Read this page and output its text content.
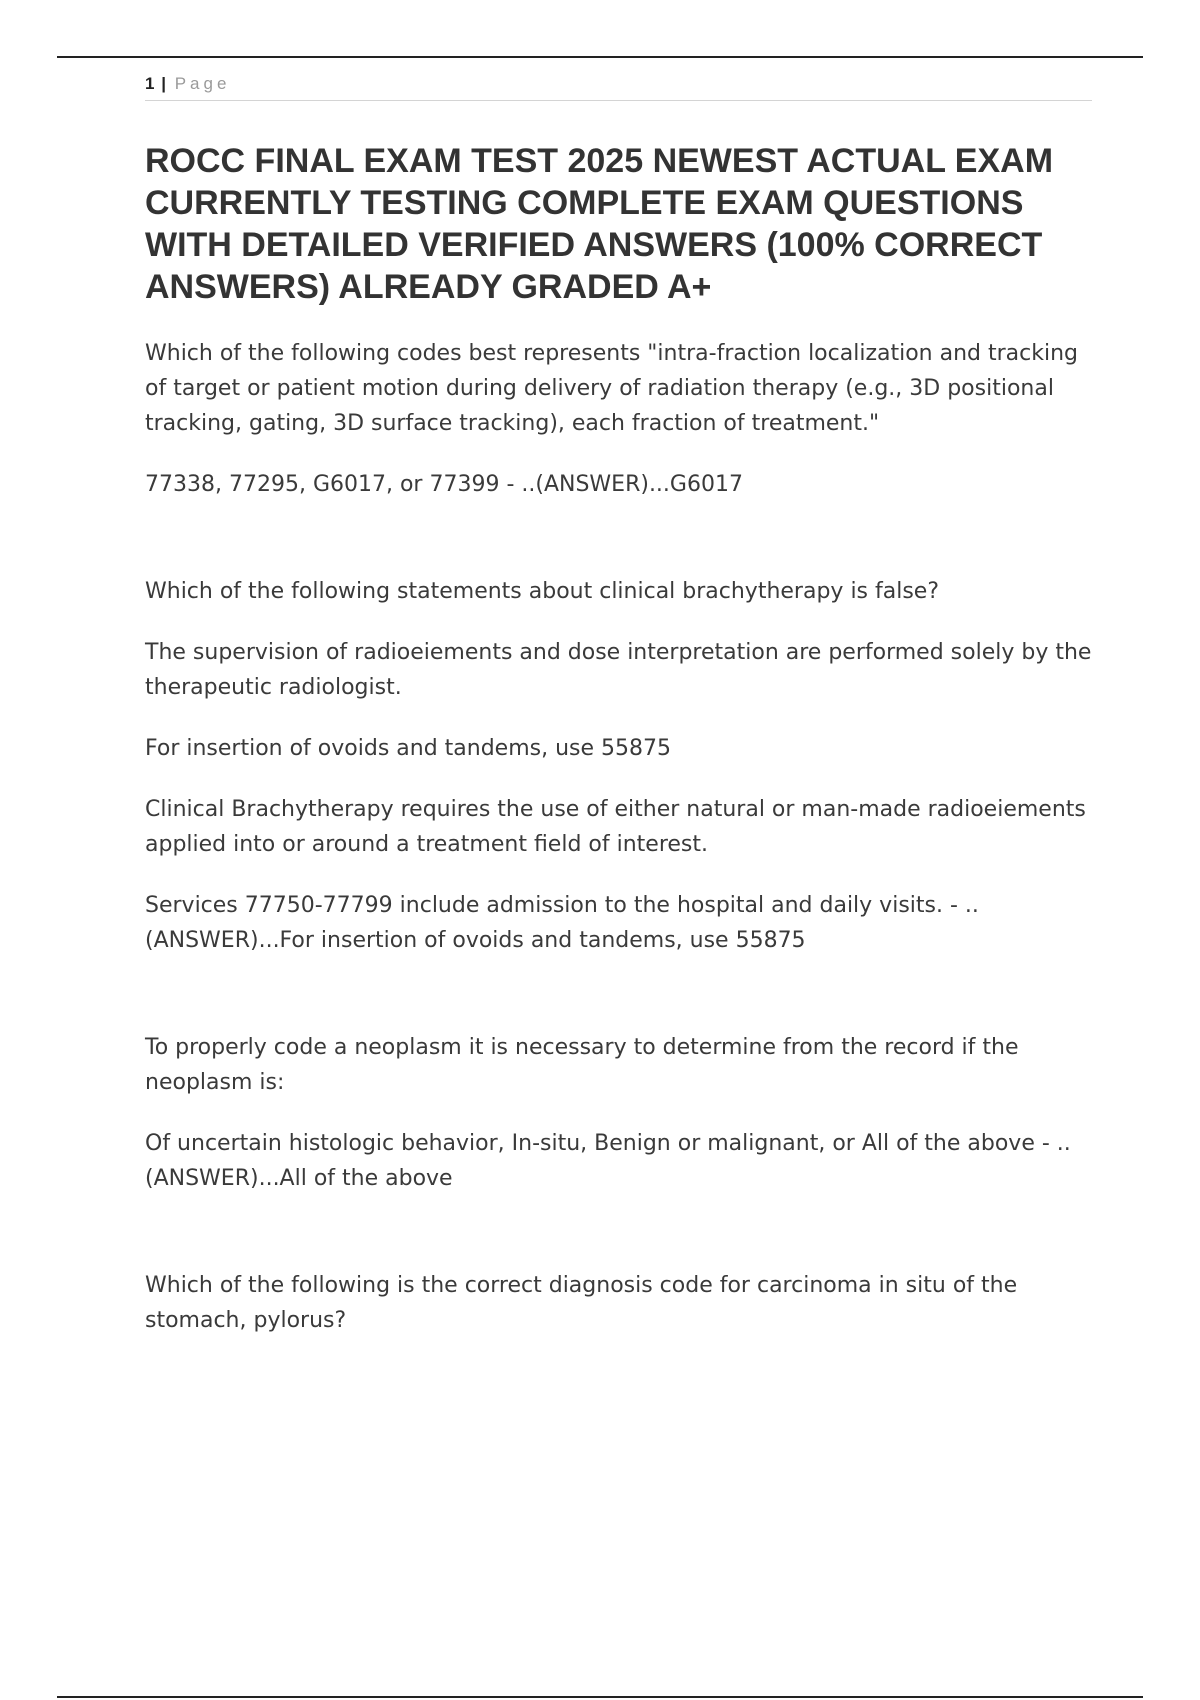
1 | Page
ROCC FINAL EXAM TEST 2025 NEWEST ACTUAL EXAM CURRENTLY TESTING COMPLETE EXAM QUESTIONS WITH DETAILED VERIFIED ANSWERS (100% CORRECT ANSWERS) ALREADY GRADED A+

Which of the following codes best represents "intra-fraction localization and tracking of target or patient motion during delivery of radiation therapy (e.g., 3D positional tracking, gating, 3D surface tracking), each fraction of treatment."

77338, 77295, G6017, or 77399 - ..(ANSWER)...G6017

Which of the following statements about clinical brachytherapy is false?

The supervision of radioeiements and dose interpretation are performed solely by the therapeutic radiologist.

For insertion of ovoids and tandems, use 55875

Clinical Brachytherapy requires the use of either natural or man-made radioeiements applied into or around a treatment field of interest.

Services 77750-77799 include admission to the hospital and daily visits. - ..(ANSWER)...For insertion of ovoids and tandems, use 55875

To properly code a neoplasm it is necessary to determine from the record if the neoplasm is:

Of uncertain histologic behavior, In-situ, Benign or malignant, or All of the above - ..(ANSWER)...All of the above

Which of the following is the correct diagnosis code for carcinoma in situ of the stomach, pylorus?
